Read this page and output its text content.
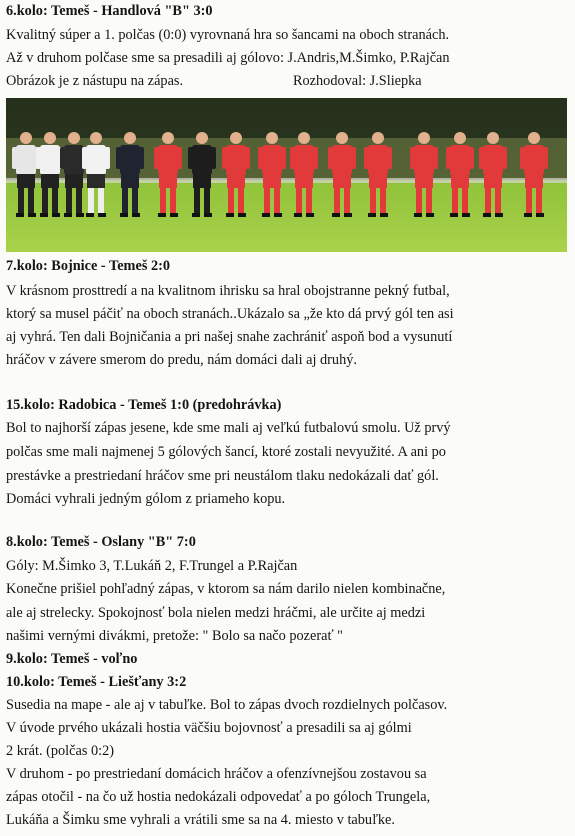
6.kolo: Temeš - Handlová "B" 3:0
Kvalitný súper a 1. polčas (0:0) vyrovnaná hra so šancami na oboch stranách.
Až v druhom polčase sme sa presadili aj gólovo: J.Andris,M.Šimko, P.Rajčan
Obrázok je z nástupu na zápas.	Rozhodoval: J.Sliepka
7.kolo: Bojnice - Temeš 2:0
V krásnom prosttredí a na kvalitnom ihrisku sa hral obojstranne pekný futbal,
ktorý sa musel páčiť na oboch stranách..Ukázalo sa „že kto dá prvý gól ten asi
aj vyhrá. Ten dali Bojničania a pri našej snahe zachrániť aspoň bod a vysunutí
hráčov v závere smerom do predu, nám domáci dali aj druhý.
15.kolo: Radobica - Temeš 1:0 (predohrávka)
Bol to najhorší zápas jesene, kde sme mali aj veľkú futbalovú smolu. Už prvý
polčas sme mali najmenej 5 gólových šancí, ktoré zostali nevyužité. A ani po
prestávke a prestriedaní hráčov sme pri neustálom tlaku nedokázali dať gól.
Domáci vyhrali jedným gólom z priameho kopu.
8.kolo: Temeš - Oslany "B" 7:0
Góly: M.Šimko 3, T.Lukáň 2, F.Trungel a P.Rajčan
Konečne prišiel pohľadný zápas, v ktorom sa nám darilo nielen kombinačne,
ale aj strelecky. Spokojnosť bola nielen medzi hráčmi, ale určite aj medzi
našimi vernými divákmi, pretože: " Bolo sa načo pozerať "
9.kolo: Temeš - voľno
10.kolo: Temeš - Liešťany 3:2
Susedia na mape - ale aj v tabuľke. Bol to zápas dvoch rozdielnych polčasov.
V úvode prvého ukázali hostia väčšiu bojovnosť a presadili sa aj gólmi
2 krát. (polčas 0:2)
V druhom - po prestriedaní domácich hráčov a ofenzívnejšou zostavou sa
zápas otočil - na čo už hostia nedokázali odpovedať a po góloch Trungela,
Lukáňa a Šimku sme vyhrali a vrátili sme sa na 4. miesto v tabuľke.
